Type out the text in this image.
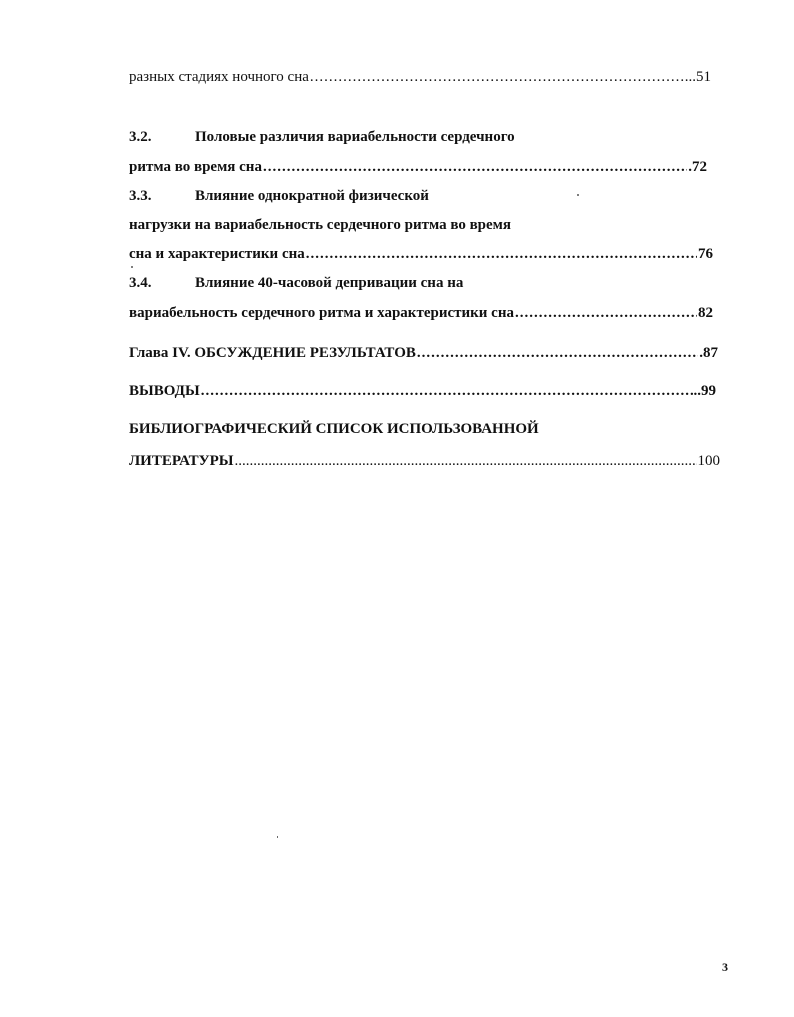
разных стадиях ночного сна .....	...51
3.2.	Половые различия вариабельности сердечного
ритма во время сна .....	.72
3.3.	Влияние однократной физической
нагрузки на вариабельность сердечного ритма во время
сна и характеристики сна .....	76
3.4.	Влияние 40-часовой депривации сна на
вариабельность сердечного ритма и характеристики сна .....	82
Глава IV. ОБСУЖДЕНИЕ РЕЗУЛЬТАТОВ .....	.87
ВЫВОДЫ .....	..99
БИБЛИОГРАФИЧЕСКИЙ СПИСОК ИСПОЛЬЗОВАННОЙ
ЛИТЕРАТУРЫ .....	100
3
